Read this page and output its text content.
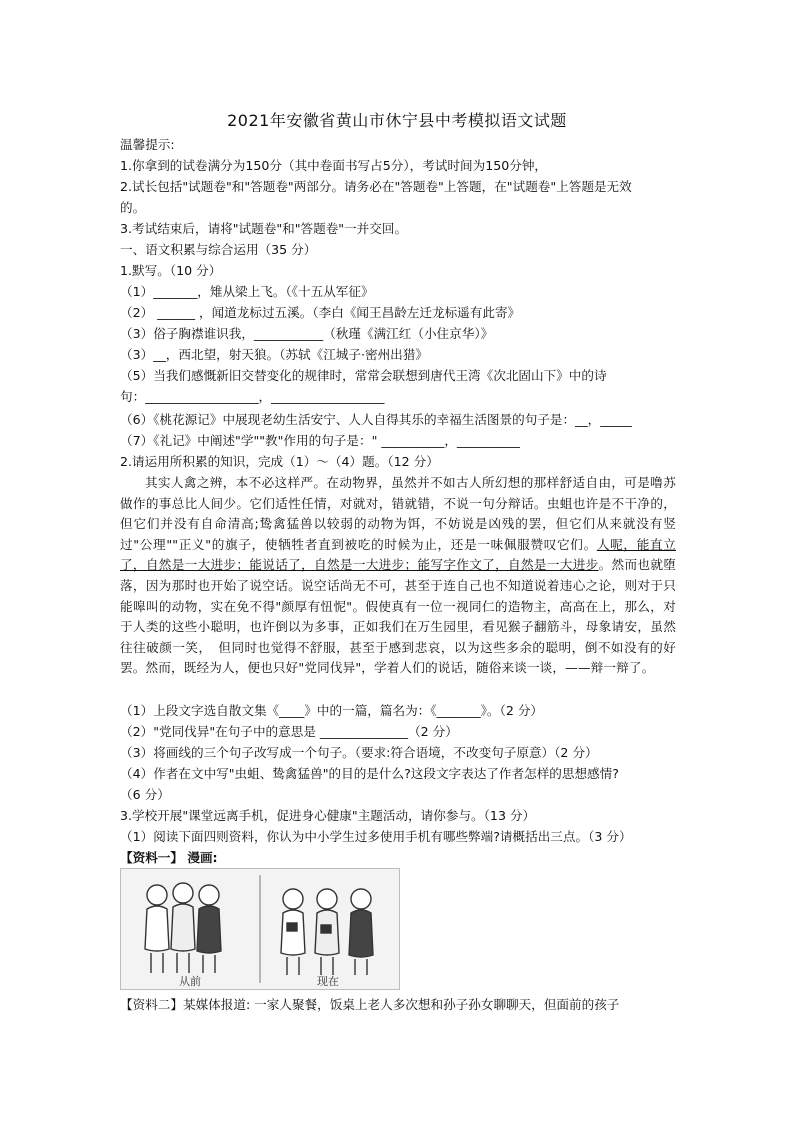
2021年安徽省黄山市休宁县中考模拟语文试题
温馨提示:
1.你拿到的试卷满分为150分（其中卷面书写占5分），考试时间为150分钟，
2.试长包括"试题卷"和"答题卷"两部分。请务必在"答题卷"上答题，在"试题卷"上答题是无效
的。
3.考试结束后，请将"试题卷"和"答题卷"一并交回。
一、语文积累与综合运用（35 分）
1.默写。（10 分）
（1）_______，雉从梁上飞。（《十五从军征》
（2） ______ ，闻道龙标过五溪。（李白《闻王昌龄左迁龙标遥有此寄》
（3）俗子胸襟谁识我，___________（秋瑾《满江红（小住京华）》
（3）__，西北望，射天狼。（苏轼《江城子·密州出猎》
（5）当我们感慨新旧交替变化的规律时，常常会联想到唐代王湾《次北固山下》中的诗
句：__________________，__________________
（6）《桃花源记》中展现老幼生活安宁、人人自得其乐的幸福生活图景的句子是：__，_____
（7）《礼记》中阐述"学""教"作用的句子是：" __________，__________
2.请运用所积累的知识，完成（1）～（4）题。（12 分）
其实人禽之辨，本不必这样严。在动物界，虽然并不如古人所幻想的那样舒适自由，可是噜苏做作的事总比人间少。它们适性任情，对就对，错就错，不说一句分辩话。虫蛆也许是不干净的，但它们并没有自命清高;鸷禽猛兽以较弱的动物为饵，不妨说是凶残的罢，但它们从来就没有竖过"公理""正义"的旗子，使牺牲者直到被吃的时候为止，还是一味佩服赞叹它们。人呢，能直立了，自然是一大进步；能说话了，自然是一大进步；能写字作文了，自然是一大进步。然而也就堕落，因为那时也开始了说空话。说空话尚无不可，甚至于连自己也不知道说着违心之论，则对于只能嗥叫的动物，实在免不得"颜厚有忸怩"。假使真有一位一视同仁的造物主，高高在上，那么，对于人类的这些小聪明，也许倒以为多事，正如我们在万生园里，看见猴子翻筋斗，母象请安，虽然往往破颜一笑，　但同时也觉得不舒服，甚至于感到悲哀，以为这些多余的聪明，倒不如没有的好罢。然而，既经为人，便也只好"党同伐异"，学着人们的说话，随俗来谈一谈，——辩一辩了。
（1）上段文字选自散文集《____》中的一篇，篇名为：《_______》。（2 分）
（2）"党同伐异"在句子中的意思是 ______________（2 分）
（3）将画线的三个句子改写成一个句子。（要求:符合语境，不改变句子原意）（2 分）
（4）作者在文中写"虫蛆、鸷禽猛兽"的目的是什么?这段文字表达了作者怎样的思想感情?
（6 分）
3.学校开展"课堂远离手机，促进身心健康"主题活动，请你参与。（13 分）
（1）阅读下面四则资料，你认为中小学生过多使用手机有哪些弊端?请概括出三点。（3 分）
【资料一】 漫画:
从前	现在
【资料二】某媒体报道: 一家人聚餐，饭桌上老人多次想和孙子孙女聊聊天，但面前的孩子
